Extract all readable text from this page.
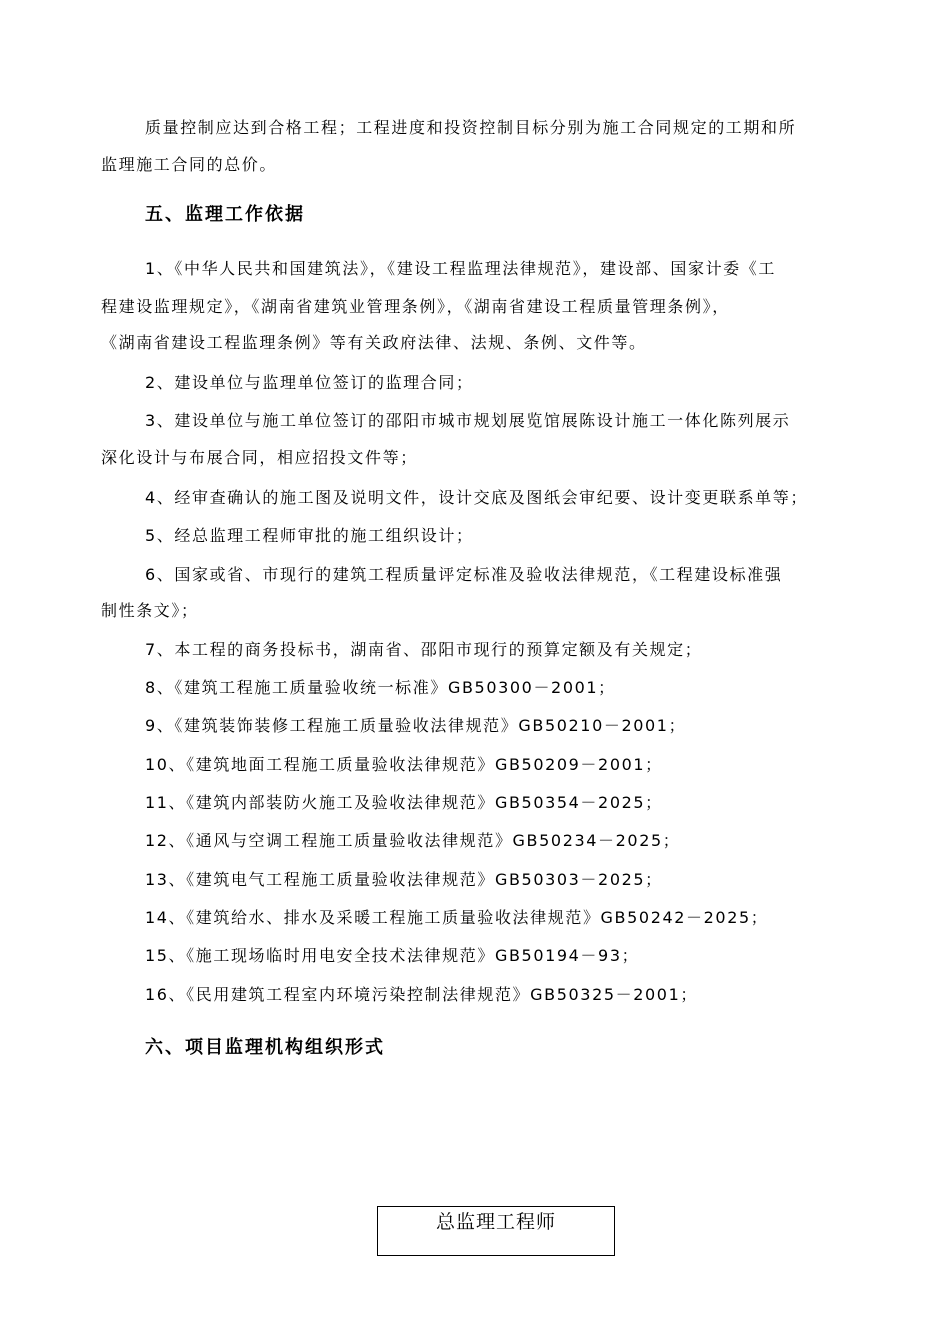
质量控制应达到合格工程；工程进度和投资控制目标分别为施工合同规定的工期和所
监理施工合同的总价。
五、监理工作依据
1、《中华人民共和国建筑法》，《建设工程监理法律规范》，建设部、国家计委《工
程建设监理规定》，《湖南省建筑业管理条例》，《湖南省建设工程质量管理条例》，
《湖南省建设工程监理条例》等有关政府法律、法规、条例、文件等。
2、建设单位与监理单位签订的监理合同；
3、建设单位与施工单位签订的邵阳市城市规划展览馆展陈设计施工一体化陈列展示
深化设计与布展合同，相应招投文件等；
4、经审查确认的施工图及说明文件，设计交底及图纸会审纪要、设计变更联系单等；
5、经总监理工程师审批的施工组织设计；
6、国家或省、市现行的建筑工程质量评定标准及验收法律规范，《工程建设标准强
制性条文》；
7、本工程的商务投标书，湖南省、邵阳市现行的预算定额及有关规定；
8、《建筑工程施工质量验收统一标准》GB50300－2001；
9、《建筑装饰装修工程施工质量验收法律规范》GB50210－2001；
10、《建筑地面工程施工质量验收法律规范》GB50209－2001；
11、《建筑内部装防火施工及验收法律规范》GB50354－2025；
12、《通风与空调工程施工质量验收法律规范》GB50234－2025；
13、《建筑电气工程施工质量验收法律规范》GB50303－2025；
14、《建筑给水、排水及采暖工程施工质量验收法律规范》GB50242－2025；
15、《施工现场临时用电安全技术法律规范》GB50194－93；
16、《民用建筑工程室内环境污染控制法律规范》GB50325－2001；
六、项目监理机构组织形式
总监理工程师
